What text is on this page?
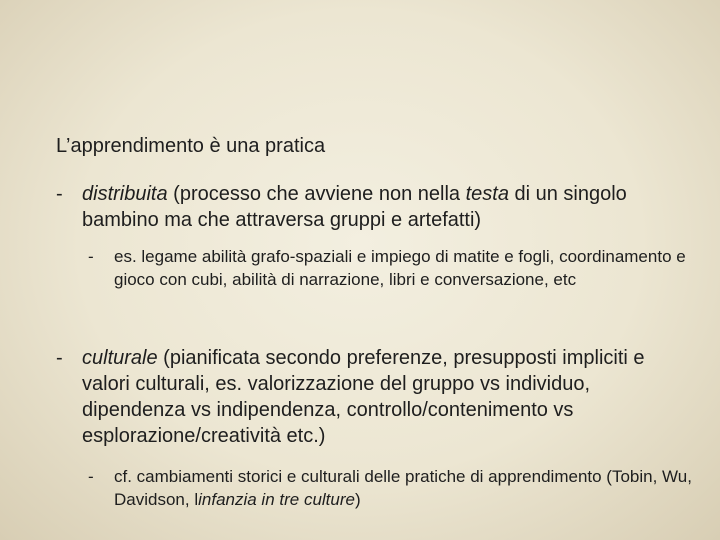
L’apprendimento è una pratica
- distribuita (processo che avviene non nella testa di un singolo bambino ma che attraversa gruppi e artefatti)
-	es. legame abilità grafo-spaziali e impiego di matite e fogli, coordinamento e gioco con cubi, abilità di narrazione, libri e conversazione, etc
- culturale (pianificata secondo preferenze, presupposti impliciti e valori culturali, es. valorizzazione del gruppo vs individuo, dipendenza vs indipendenza, controllo/contenimento vs esplorazione/creatività etc.)
-	cf. cambiamenti storici e culturali delle pratiche di apprendimento (Tobin, Wu, Davidson, linfanzia in tre culture)
